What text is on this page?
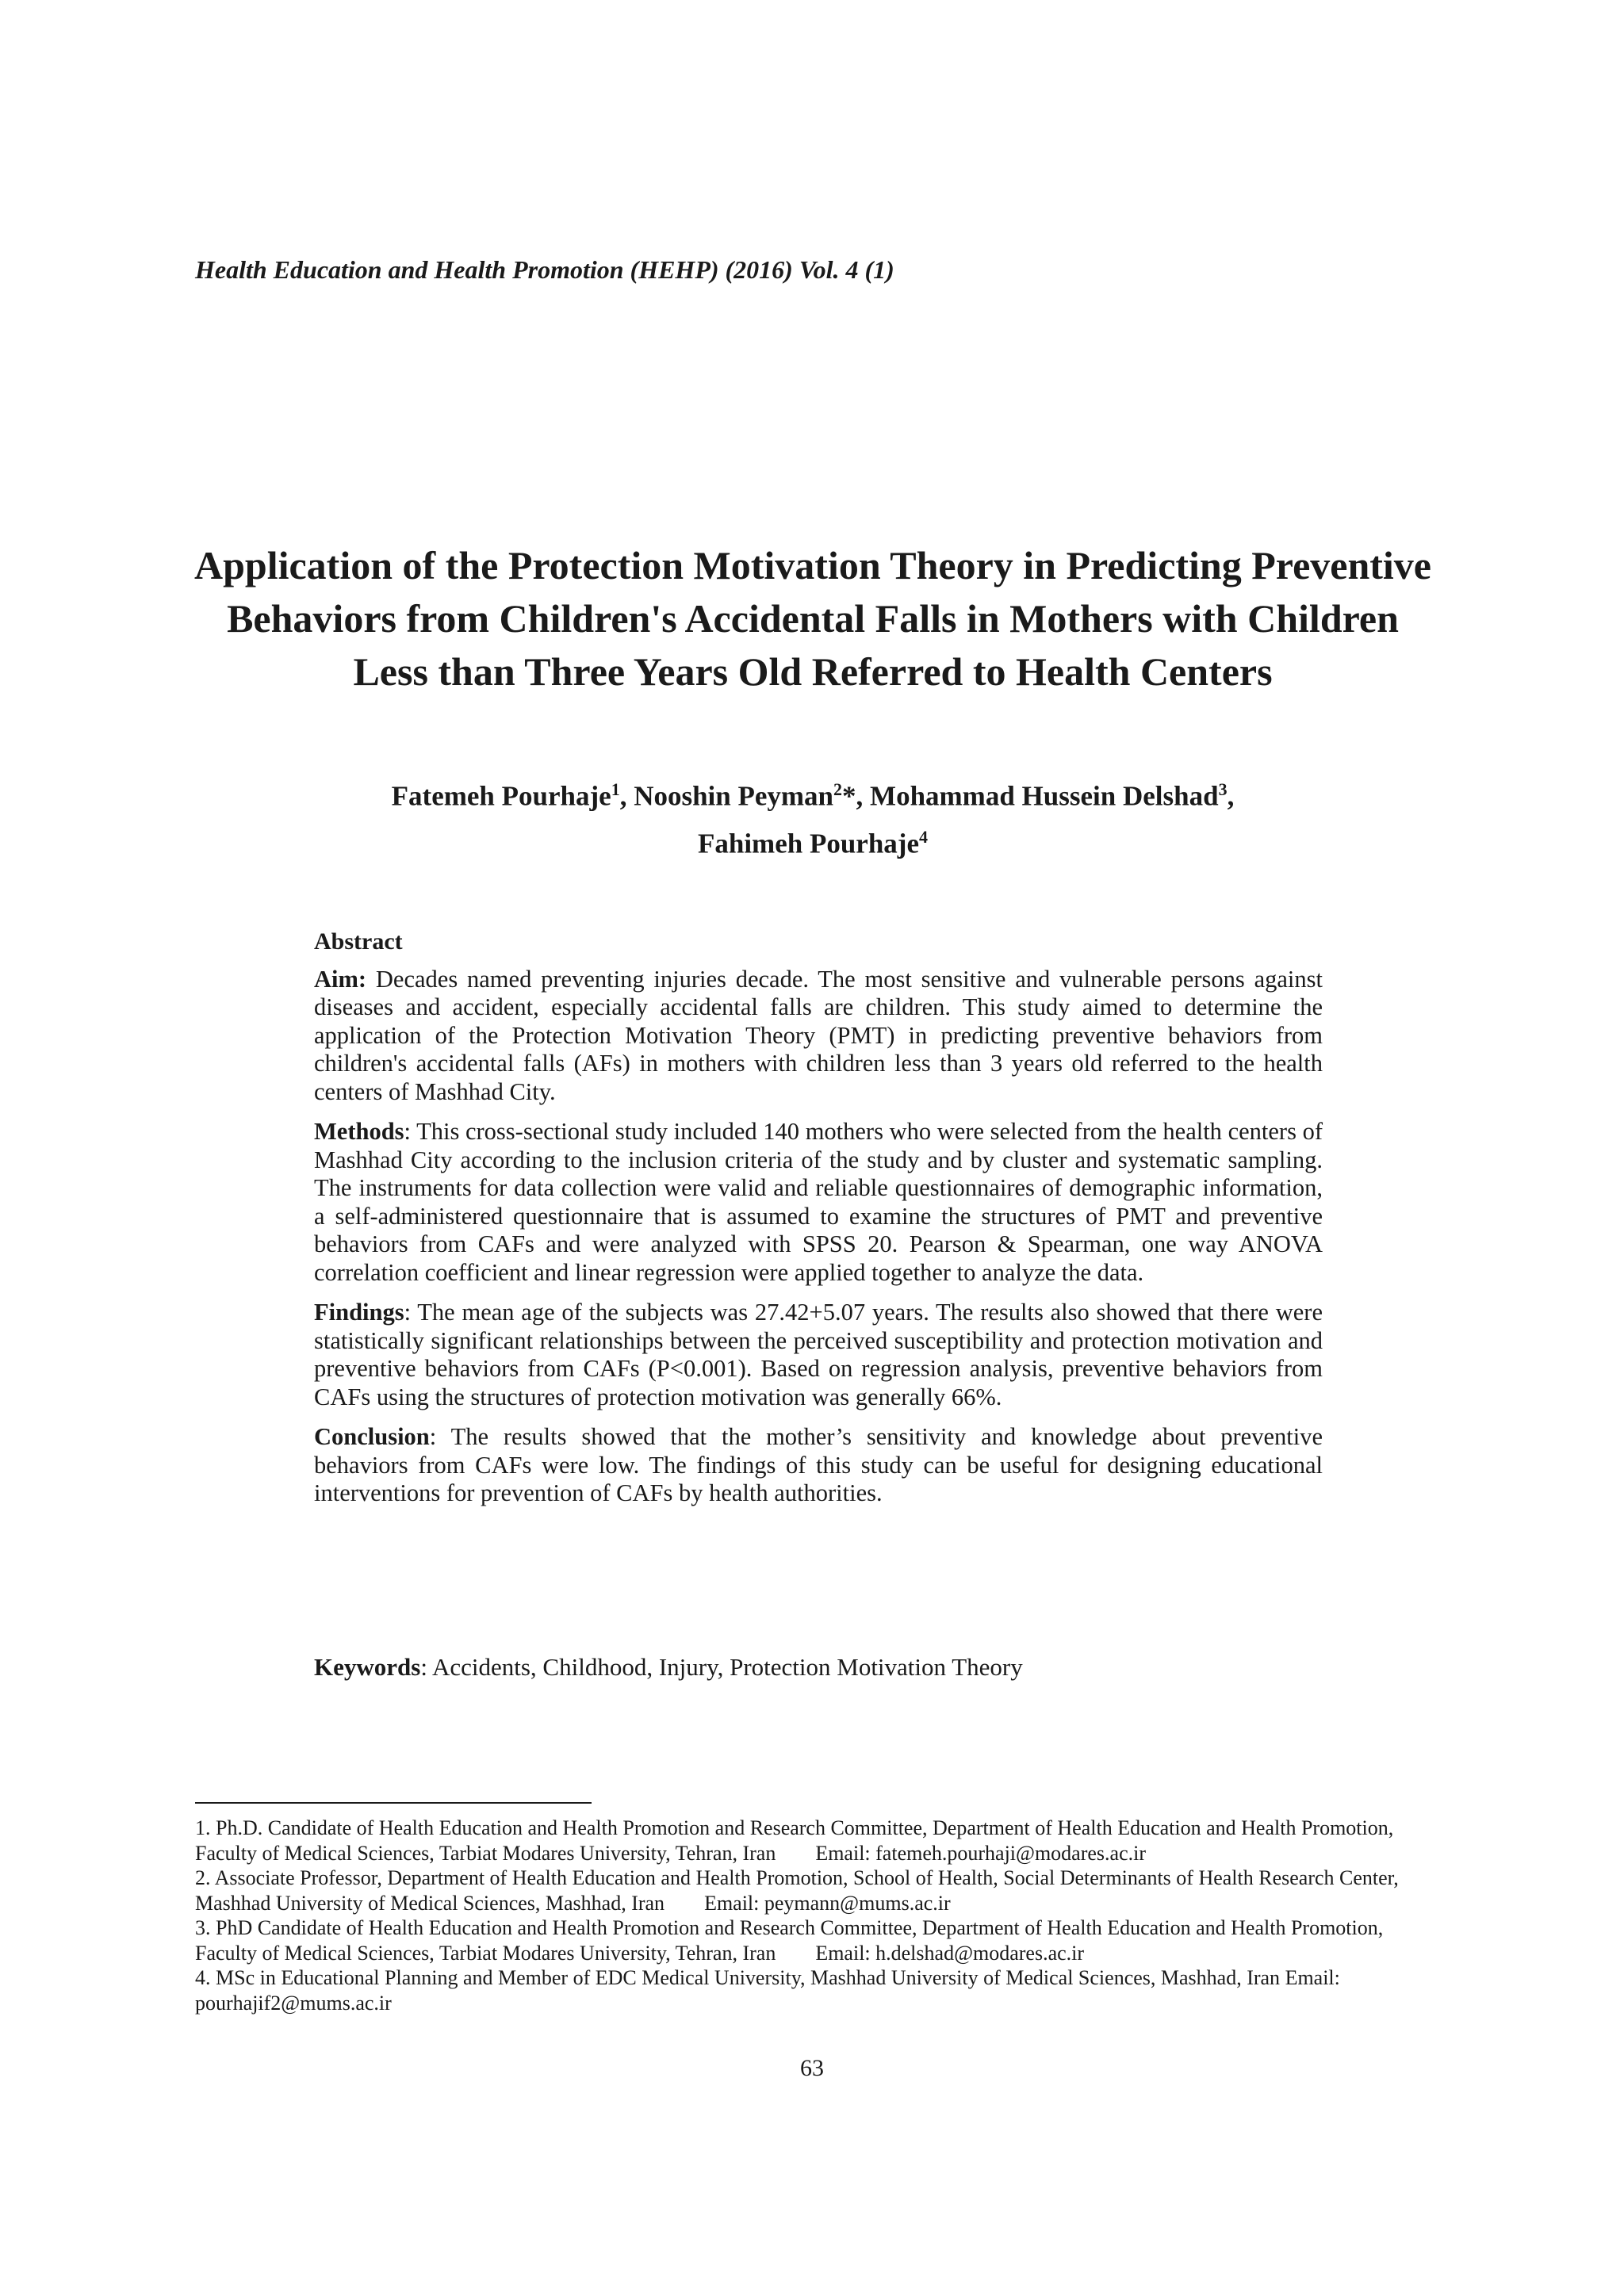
Health Education and Health Promotion (HEHP) (2016) Vol. 4 (1)
Application of the Protection Motivation Theory in Predicting Preventive Behaviors from Children's Accidental Falls in Mothers with Children Less than Three Years Old Referred to Health Centers
Fatemeh Pourhaje$^1$, Nooshin Peyman$^2$*, Mohammad Hussein Delshad$^3$,
Fahimeh Pourhaje$^4$
Abstract

Aim: Decades named preventing injuries decade. The most sensitive and vulnerable persons against diseases and accident, especially accidental falls are children. This study aimed to determine the application of the Protection Motivation Theory (PMT) in predicting preventive behaviors from children's accidental falls (AFs) in mothers with children less than 3 years old referred to the health centers of Mashhad City.

Methods: This cross-sectional study included 140 mothers who were selected from the health centers of Mashhad City according to the inclusion criteria of the study and by cluster and systematic sampling. The instruments for data collection were valid and reliable questionnaires of demographic information, a self-administered questionnaire that is assumed to examine the structures of PMT and preventive behaviors from CAFs and were analyzed with SPSS 20. Pearson & Spearman, one way ANOVA correlation coefficient and linear regression were applied together to analyze the data.

Findings: The mean age of the subjects was 27.42+5.07 years. The results also showed that there were statistically significant relationships between the perceived susceptibility and protection motivation and preventive behaviors from CAFs (P<0.001). Based on regression analysis, preventive behaviors from CAFs using the structures of protection motivation was generally 66%.

Conclusion: The results showed that the mother’s sensitivity and knowledge about preventive behaviors from CAFs were low. The findings of this study can be useful for designing educational interventions for prevention of CAFs by health authorities.

Keywords: Accidents, Childhood, Injury, Protection Motivation Theory

1. Ph.D. Candidate of Health Education and Health Promotion and Research Committee, Department of Health Education and Health Promotion, Faculty of Medical Sciences, Tarbiat Modares University, Tehran, Iran Email: fatemeh.pourhaji@modares.ac.ir

2. Associate Professor, Department of Health Education and Health Promotion, School of Health, Social Determinants of Health Research Center, Mashhad University of Medical Sciences, Mashhad, Iran Email: peymann@mums.ac.ir

3. PhD Candidate of Health Education and Health Promotion and Research Committee, Department of Health Education and Health Promotion, Faculty of Medical Sciences, Tarbiat Modares University, Tehran, Iran Email: h.delshad@modares.ac.ir

4. MSc in Educational Planning and Member of EDC Medical University, Mashhad University of Medical Sciences, Mashhad, Iran Email: pourhajif2@mums.ac.ir

63
